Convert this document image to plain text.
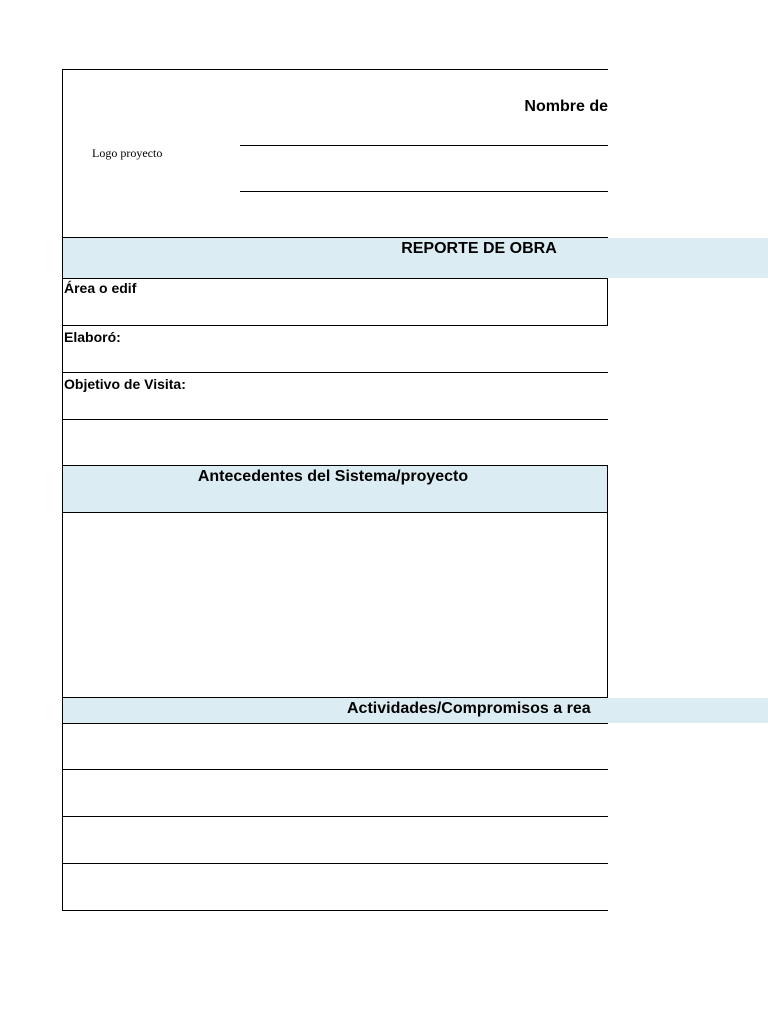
Logo proyecto
Nombre de
REPORTE DE OBRA
Área o edif
Elaboró:
Objetivo de Visita:
Antecedentes del Sistema/proyecto
Actividades/Compromisos a rea
